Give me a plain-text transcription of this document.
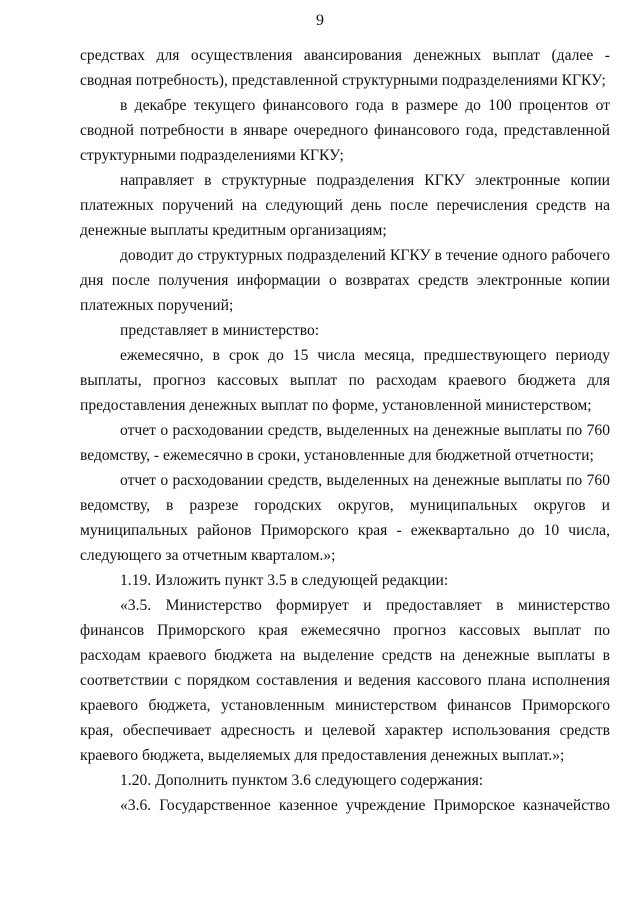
9

средствах для осуществления авансирования денежных выплат (далее - сводная потребность), представленной структурными подразделениями КГКУ;

в декабре текущего финансового года в размере до 100 процентов от сводной потребности в январе очередного финансового года, представленной структурными подразделениями КГКУ;

направляет в структурные подразделения КГКУ электронные копии платежных поручений на следующий день после перечисления средств на денежные выплаты кредитным организациям;

доводит до структурных подразделений КГКУ в течение одного рабочего дня после получения информации о возвратах средств электронные копии платежных поручений;

представляет в министерство:

ежемесячно, в срок до 15 числа месяца, предшествующего периоду выплаты, прогноз кассовых выплат по расходам краевого бюджета для предоставления денежных выплат по форме, установленной министерством;

отчет о расходовании средств, выделенных на денежные выплаты по 760 ведомству, - ежемесячно в сроки, установленные для бюджетной отчетности;

отчет о расходовании средств, выделенных на денежные выплаты по 760 ведомству, в разрезе городских округов, муниципальных округов и муниципальных районов Приморского края - ежеквартально до 10 числа, следующего за отчетным кварталом.»;

1.19. Изложить пункт 3.5 в следующей редакции:

«3.5. Министерство формирует и предоставляет в министерство финансов Приморского края ежемесячно прогноз кассовых выплат по расходам краевого бюджета на выделение средств на денежные выплаты в соответствии с порядком составления и ведения кассового плана исполнения краевого бюджета, установленным министерством финансов Приморского края, обеспечивает адресность и целевой характер использования средств краевого бюджета, выделяемых для предоставления денежных выплат.»;

1.20. Дополнить пунктом 3.6 следующего содержания:

«3.6. Государственное казенное учреждение Приморское казначейство
